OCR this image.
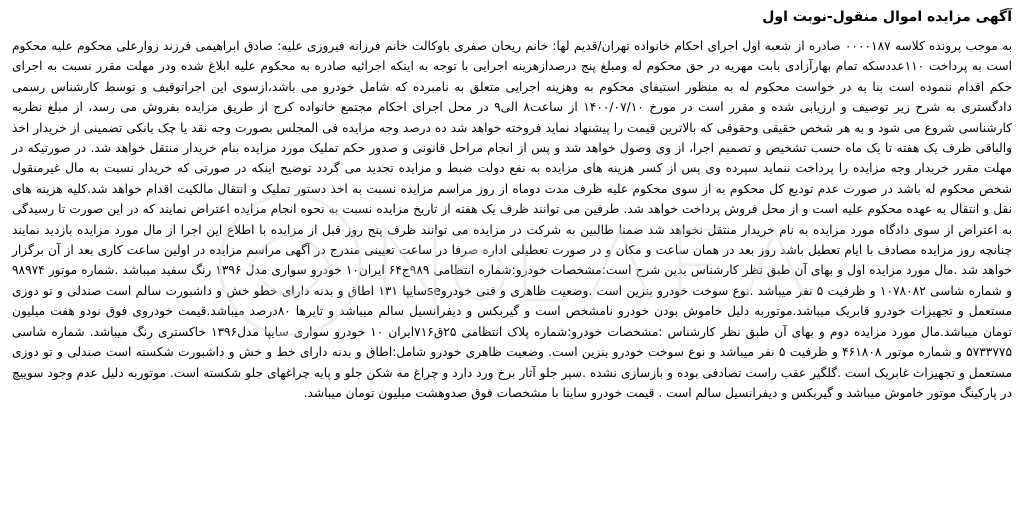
آگهی مزایده اموال منقول-نوبت اول

به موجب پرونده کلاسه ۰۰۰۰۱۸۷ صادره از شعبه اول اجرای احکام خانواده تهران/قدیم لها: خانم ریحان صفری باوکالت خانم فرزانه فیروزی علیه: صادق ابراهیمی فرزند زوارعلی محکوم علیه محکوم است به پرداخت ۱۱۰عددسکه تمام بهارآزادی بابت مهریه در حق محکوم له ومبلغ پنج درصدازهزینه اجرایی با توجه به اینکه اجرائیه صادره به محکوم علیه ابلاغ شده ودر مهلت مقرر نسبت به اجرای حکم اقدام ننموده است بنا به در خواست محکوم له به منظور استیفای محکوم به وهزینه اجرایی متعلق به نامبرده که شامل خودرو می باشد،ازسوی این اجراتوقیف و توسط کارشناس رسمی دادگستری به شرح زیر توصیف و ارزیابی شده و مقرر است در مورخ ۱۴۰۰/۰۷/۱۰ از ساعت۸ الی۹ در محل اجرای احکام مجتمع خانواده کرج از طریق مزایده بفروش می رسد، از مبلغ نظریه کارشناسی شروع می شود و به هر شخص حقیقی وحقوقی که بالاترین قیمت را پیشنهاد نماید فروخته خواهد شد ده درصد وجه مزایده فی المجلس بصورت وجه نقد یا چک بانکی تضمینی از خریدار اخذ والباقی ظرف یک هفته تا یک ماه حسب تشخیص و تصمیم اجرا، از وی وصول خواهد شد و پس از انجام مراحل قانونی و صدور حکم تملیک مورد مزایده بنام خریدار منتقل خواهد شد. در صورتیکه در مهلت مقرر خریدار وجه مزایده را پرداخت ننماید سپرده وی پس از کسر هزینه های مزایده به نفع دولت ضبط و مزایده تجدید می گردد توضیح اینکه در صورتی که خریدار نسبت به مال غیرمنقول شخص محکوم له باشد در صورت عدم تودیع کل محکوم به از سوی محکوم علیه ظرف مدت دوماه از روز مراسم مزایده نسبت به اخذ دستور تملیک و انتقال مالکیت اقدام خواهد شد.کلیه هزینه های نقل و انتقال به عهده محکوم علیه است و از محل فروش پرداخت خواهد شد. طرفین می توانند ظرف یک هفته از تاریخ مزایده نسبت به نحوه انجام مزایده اعتراض نمایند که در این صورت تا رسیدگی به اعتراض از سوی دادگاه مورد مزایده به نام خریدار منتقل نخواهد شد ضمنا طالبین به شرکت در مزایده می توانند ظرف پنج روز قبل از مزایده با اطلاع این اجرا از مال مورد مزایده بازدید نمایند چنانچه روز مزایده مصادف با ایام تعطیل باشد روز بعد در همان ساعت و مکان و در صورت تعطیلی اداره صرفا در ساعت تعیینی مندرج در آگهی مراسم مزایده در اولین ساعت کاری بعد از آن برگزار خواهد شد .مال مورد مزایده اول و بهای آن طبق نظر کارشناس بدین شرح است:مشخصات خودرو:شماره انتظامی ۹۸۹ج۶۴ ایران۱۰ خودرو سواری مدل ۱۳۹۶ رنگ سفید میباشد .شماره موتور ۹۸۹۷۴ و شماره شاسی ۱۰۷۸۰۸۲ و ظرفیت ۵ نفر میباشد .نوع سوخت خودرو بنزین است .وضعیت ظاهری و فنی خودروseسایپا ۱۳۱ اطاق و بدنه دارای خطو خش و داشبورت سالم است صندلی و تو دوزی مستعمل و تجهیزات خودرو قابریک میباشد.موتوربه دلیل خاموش بودن خودرو نامشخص است و گیربکس و دیفرانسیل سالم میباشد و تایرها ۸۰درصد میباشد.قیمت خودروی فوق نودو هفت میلیون تومان میباشد.مال مورد مزایده دوم و بهای آن طبق نظر کارشناس :مشخصات خودرو:شماره پلاک انتظامی ۲۵ق۷۱۶ایران ۱۰ خودرو سواری سایپا مدل۱۳۹۶ خاکستری رنگ میباشد. شماره شاسی ۵۷۳۳۷۷۵ و شماره موتور ۴۶۱۸۰۸ و ظرفیت ۵ نفر میباشد و نوع سوخت خودرو بنزین است. وضعیت ظاهری خودرو شامل:اطاق و بدنه دارای خط و خش و داشبورت شکسته است صندلی و تو دوزی مستعمل و تجهیزات غابریک است .گلگیر عقب راست تصادفی بوده و بازسازی نشده .سپر جلو آثار برخ ‌ورد دارد و چراغ مه شکن جلو و پایه چراغهای جلو شکسته است. موتوربه دلیل عدم وجود سوییچ در پارکینگ موتور خاموش میباشد و گیربکس و دیفرانسیل سالم است . قیمت خودرو ساینا با مشخصات فوق صدوهشت میلیون تومان میباشد.
